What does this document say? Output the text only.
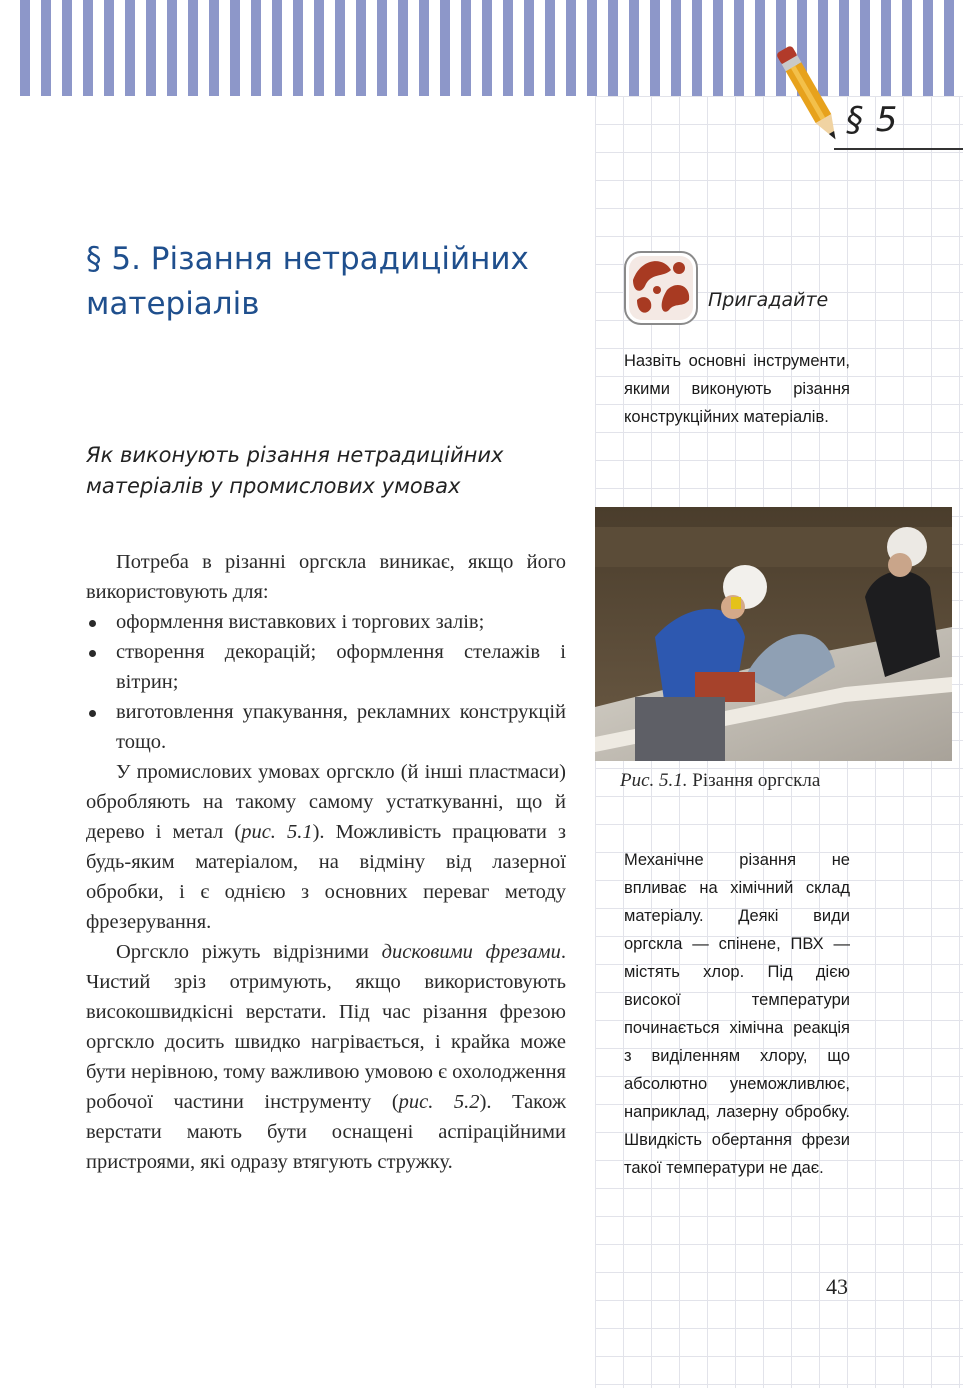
§ 5
§ 5. Різання нетрадиційних матеріалів
Як виконують різання нетрадиційних матеріалів у промислових умовах

Потреба в різанні оргскла виникає, якщо його використовують для:

оформлення виставкових і торгових залів;
створення декорацій; оформлення стелажів і вітрин;
виготовлення упакування, рекламних конструкцій тощо.

У промислових умовах оргскло (й інші пластмаси) обробляють на такому самому устаткуванні, що й дерево і метал (рис. 5.1). Можливість працювати з будь-яким матеріалом, на відміну від лазерної обробки, і є однією з основних переваг методу фрезерування.

Оргскло ріжуть відрізними дисковими фрезами. Чистий зріз отримують, якщо використовують високошвидкісні верстати. Під час різання фрезою оргскло досить швидко нагрівається, і крайка може бути нерівною, тому важливою умовою є охолодження робочої частини інструменту (рис. 5.2). Також верстати мають бути оснащені аспіраційними пристроями, які одразу втягують стружку.

Пригадайте

Назвіть основні інструменти, якими виконують різання конструкційних матеріалів.

Рис. 5.1. Різання оргскла

Механічне різання не впливає на хімічний склад матеріалу. Деякі види оргскла — спінене, ПВХ — містять хлор. Під дією високої температури починається хімічна реакція з виділенням хлору, що абсолютно унеможливлює, наприклад, лазерну обробку. Швидкість обертання фрези такої температури не дає.

43
